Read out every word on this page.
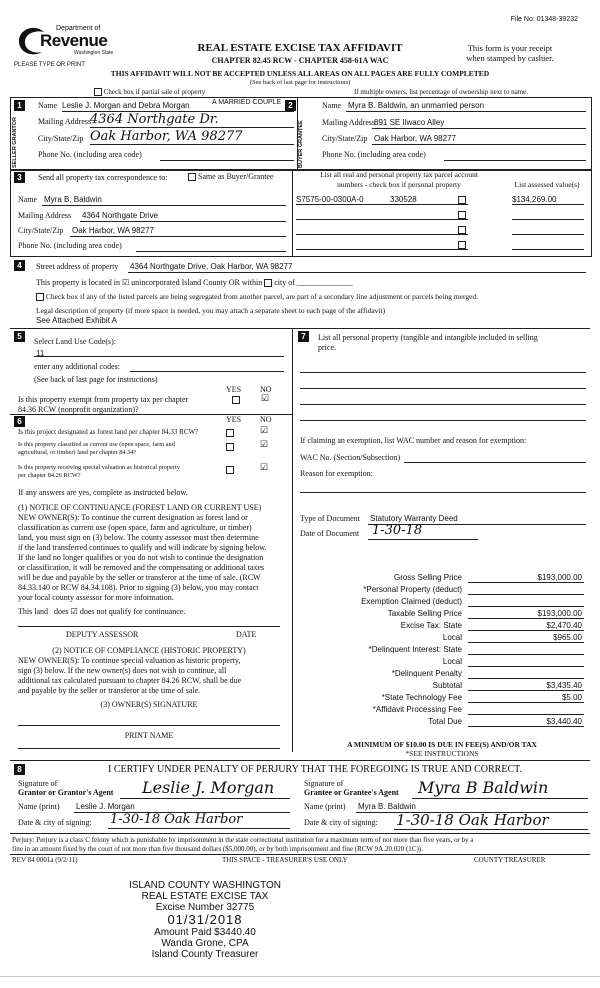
File No: 01348-39232
Department of
Revenue
Washington State
PLEASE TYPE OR PRINT
REAL ESTATE EXCISE TAX AFFIDAVIT
CHAPTER 82.45 RCW - CHAPTER 458-61A WAC
This form is your receipt
when stamped by cashier.
THIS AFFIDAVIT WILL NOT BE ACCEPTED UNLESS ALL AREAS ON ALL PAGES ARE FULLY COMPLETED
(See back of last page for instructions)
Check box if partial sale of property	If multiple owners, list percentage of ownership next to name.
1	2
SELLER GRANTOR	BUYER GRANTEE
Name Leslie J. Morgan and Debra Morgan	A MARRIED COUPLE
Mailing Address
4364 Northgate Dr.
City/State/Zip Oak Harbor, WA 98277
Phone No. (including area code)
Name Myra B. Baldwin, an unmarried person
Mailing Address
891 SE Ilwaco Alley
City/State/Zip Oak Harbor, WA 98277
Phone No. (including area code)
3	Send all property tax correspondence to:	Same as Buyer/Grantee
Name Myra B. Baldwin
Mailing Address 4364 Northgate Drive
City/State/Zip Oak Harbor, WA 98277
Phone No. (including area code)
List all real and personal property tax parcel account
numbers - check box if personal property	List assessed value(s)
S7575-00-0300A-0	330528	$134,269.00
4	Street address of property 4364 Northgate Drive, Oak Harbor, WA 98277
This property is located in ☑ unincorporated Island County OR within city of ______________
Check box if any of the listed parcels are being segregated from another parcel, are part of a secondary line adjustment or parcels being merged.
Legal description of property (if more space is needed, you may attach a separate sheet to each page of the affidavit)
See Attached Exhibit A
5
Select Land Use Code(s):
11
enter any additional codes:
(See back of last page for instructions)
YES NO
Is this property exempt from property tax per chapter
84.36 RCW (nonprofit organization)?
☑
6	YES NO
Is this project designated as forest land per chapter 84.33 RCW?	☑
Is this property classified as current use (open space, farm and
agricultural, or timber) land per chapter 84.34?
☑
Is this property receiving special valuation as historical property
per chapter 84.26 RCW?
☑
If any answers are yes, complete as instructed below.
(1) NOTICE OF CONTINUANCE (FOREST LAND OR CURRENT USE)
NEW OWNER(S): To continue the current designation as forest land or
classification as current use (open space, farm and agriculture, or timber)
land, you must sign on (3) below. The county assessor must then determine
if the land transferred continues to qualify and will indicate by signing below.
If the land no longer qualifies or you do not wish to continue the designation
or classification, it will be removed and the compensating or additional taxes
will be due and payable by the seller or transferor at the time of sale. (RCW
84.33.140 or RCW 84.34.108). Prior to signing (3) below, you may contact
your local county assessor for more information.
This land does ☑ does not qualify for continuance.
DEPUTY ASSESSOR	DATE
(2) NOTICE OF COMPLIANCE (HISTORIC PROPERTY)
NEW OWNER(S): To continue special valuation as historic property,
sign (3) below. If the new owner(s) does not wish to continue, all
additional tax calculated pursuant to chapter 84.26 RCW, shall be due
and payable by the seller or transferor at the time of sale.
(3) OWNER(S) SIGNATURE
PRINT NAME
7	List all personal property (tangible and intangible included in selling
price.
If claiming an exemption, list WAC number and reason for exemption:
WAC No. (Section/Subsection)
Reason for exemption:
Type of Document Statutory Warranty Deed
Date of Document 1-30-18
Gross Selling Price	$193,000.00
*Personal Property (deduct)
Exemption Claimed (deduct)
Taxable Selling Price	$193,000.00
Excise Tax: State	$2,470.40
Local	$965.00
*Delinquent Interest: State
Local
*Delinquent Penalty
Subtotal	$3,435.40
*State Technology Fee	$5.00
*Affidavit Processing Fee
Total Due	$3,440.40
A MINIMUM OF $10.00 IS DUE IN FEE(S) AND/OR TAX
*SEE INSTRUCTIONS
8	I CERTIFY UNDER PENALTY OF PERJURY THAT THE FOREGOING IS TRUE AND CORRECT.
Signature of
Grantor or Grantor's Agent Leslie J. Morgan
Name (print) Leslie J. Morgan
Date & city of signing: 1-30-18 Oak Harbor
Signature of
Grantee or Grantee's Agent Myra B Baldwin
Name (print) Myra B. Baldwin
Date & city of signing: 1-30-18 Oak Harbor
Perjury: Perjury is a class C felony which is punishable by imprisonment in the state correctional institution for a maximum term of not more than five years, or by a
fine in an amount fixed by the court of not more than five thousand dollars ($5,000.00), or by both imprisonment and fine (RCW 9A.20.020 (1C)).
REV 84 0001a (9/2/11)	THIS SPACE - TREASURER'S USE ONLY	COUNTY TREASURER
ISLAND COUNTY WASHINGTON
REAL ESTATE EXCISE TAX
Excise Number 32775
01/31/2018
Amount Paid $3440.40
Wanda Grone, CPA
Island County Treasurer
